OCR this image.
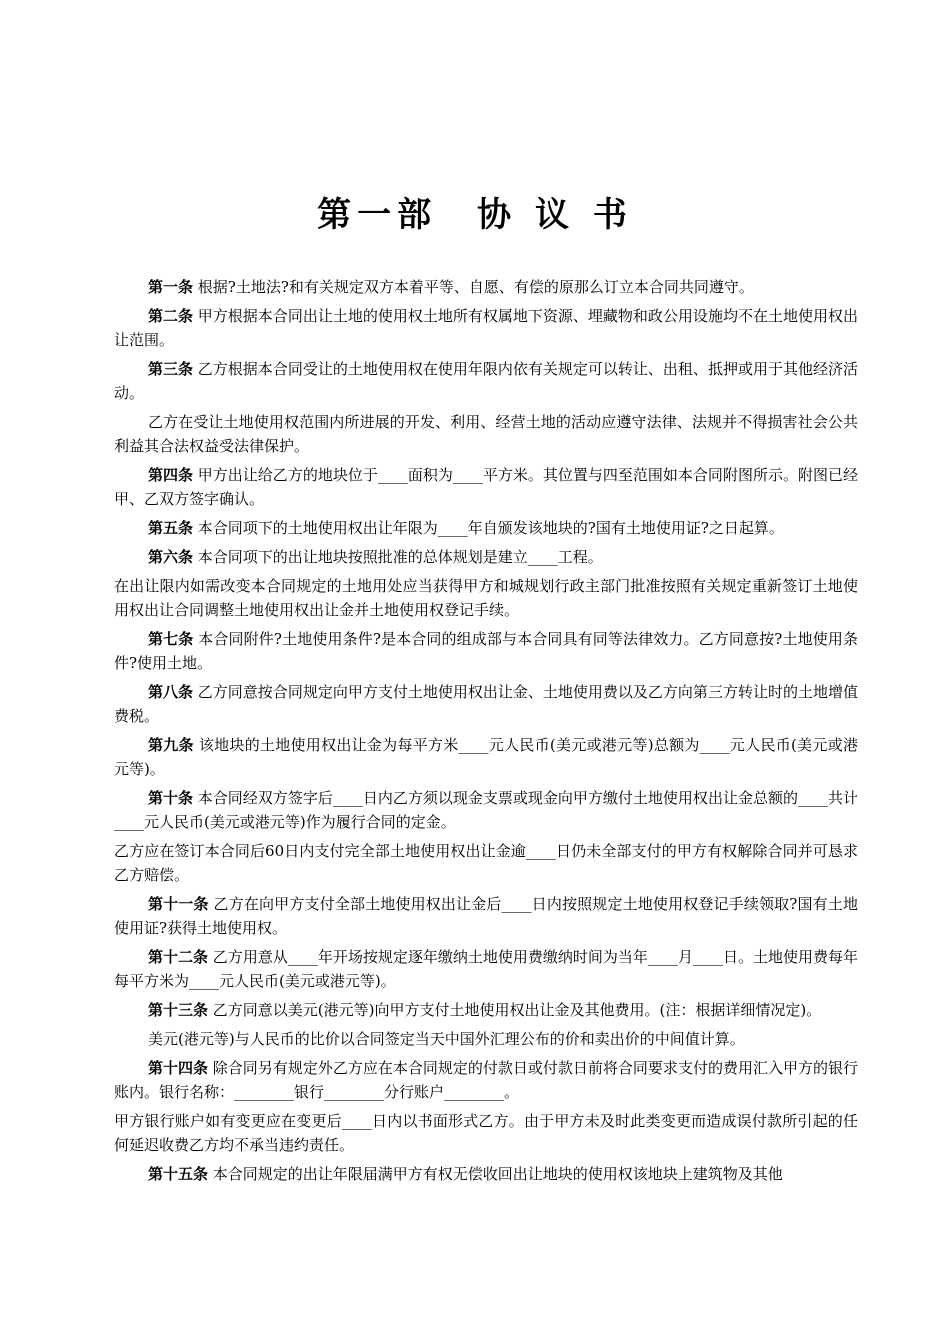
第一部　协 议 书

第一条 根据?土地法?和有关规定双方本着平等、自愿、有偿的原那么订立本合同共同遵守。

第二条 甲方根据本合同出让土地的使用权土地所有权属地下资源、埋藏物和政公用设施均不在土地使用权出让范围。

第三条 乙方根据本合同受让的土地使用权在使用年限内依有关规定可以转让、出租、抵押或用于其他经济活动。

乙方在受让土地使用权范围内所进展的开发、利用、经营土地的活动应遵守法律、法规并不得损害社会公共利益其合法权益受法律保护。

第四条 甲方出让给乙方的地块位于____面积为____平方米。其位置与四至范围如本合同附图所示。附图已经甲、乙双方签字确认。

第五条 本合同项下的土地使用权出让年限为____年自颁发该地块的?国有土地使用证?之日起算。

第六条 本合同项下的出让地块按照批准的总体规划是建立____工程。

在出让限内如需改变本合同规定的土地用处应当获得甲方和城规划行政主部门批准按照有关规定重新签订土地使用权出让合同调整土地使用权出让金并土地使用权登记手续。

第七条 本合同附件?土地使用条件?是本合同的组成部与本合同具有同等法律效力。乙方同意按?土地使用条件?使用土地。

第八条 乙方同意按合同规定向甲方支付土地使用权出让金、土地使用费以及乙方向第三方转让时的土地增值费税。

第九条 该地块的土地使用权出让金为每平方米____元人民币(美元或港元等)总额为____元人民币(美元或港元等)。

第十条 本合同经双方签字后____日内乙方须以现金支票或现金向甲方缴付土地使用权出让金总额的____共计____元人民币(美元或港元等)作为履行合同的定金。

乙方应在签订本合同后60日内支付完全部土地使用权出让金逾____日仍未全部支付的甲方有权解除合同并可恳求乙方赔偿。

第十一条 乙方在向甲方支付全部土地使用权出让金后____日内按照规定土地使用权登记手续领取?国有土地使用证?获得土地使用权。

第十二条 乙方用意从____年开场按规定逐年缴纳土地使用费缴纳时间为当年____月____日。土地使用费每年每平方米为____元人民币(美元或港元等)。

第十三条 乙方同意以美元(港元等)向甲方支付土地使用权出让金及其他费用。(注：根据详细情况定)。

美元(港元等)与人民币的比价以合同签定当天中国外汇理公布的价和卖出价的中间值计算。

第十四条 除合同另有规定外乙方应在本合同规定的付款日或付款日前将合同要求支付的费用汇入甲方的银行账内。银行名称：________银行________分行账户________。

甲方银行账户如有变更应在变更后____日内以书面形式乙方。由于甲方未及时此类变更而造成误付款所引起的任何延迟收费乙方均不承当违约责任。

第十五条 本合同规定的出让年限届满甲方有权无偿收回出让地块的使用权该地块上建筑物及其他
